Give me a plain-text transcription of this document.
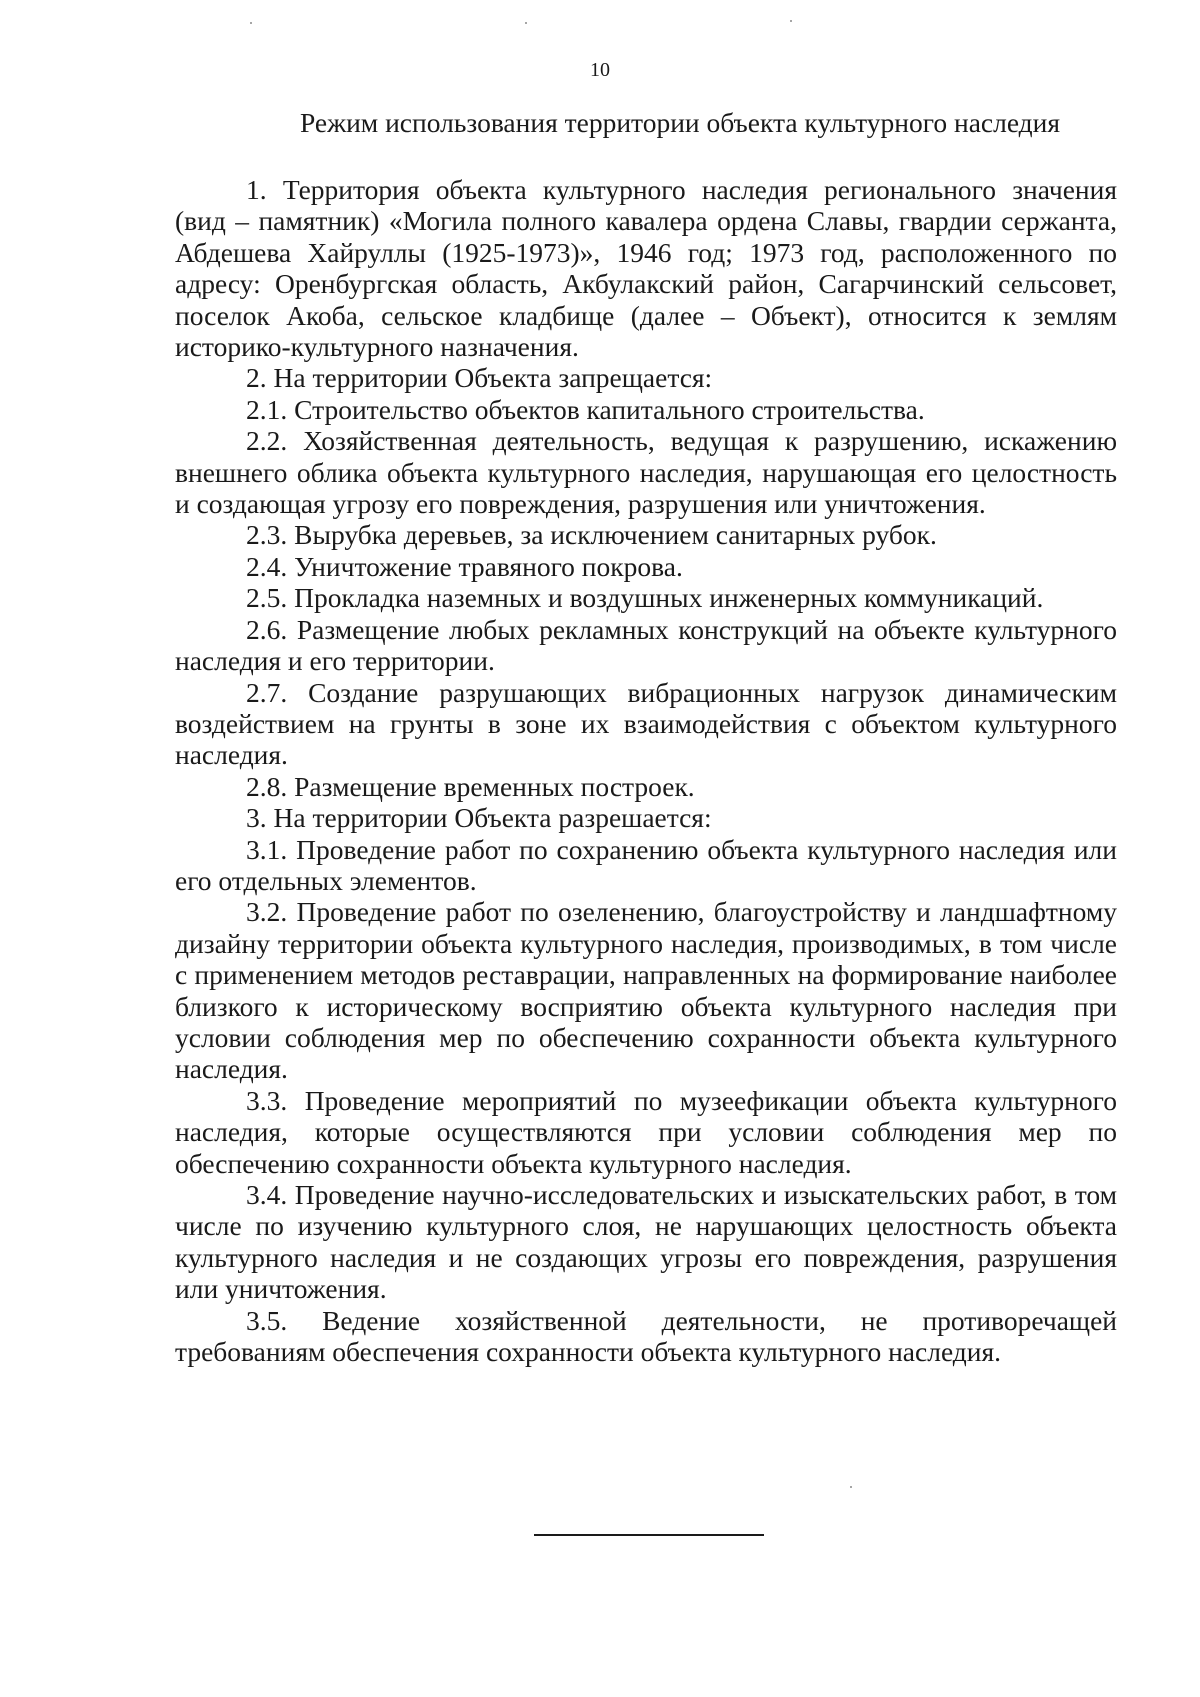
10
Режим использования территории объекта культурного наследия

1. Территория объекта культурного наследия регионального значения (вид – памятник) «Могила полного кавалера ордена Славы, гвардии сержанта, Абдешева Хайруллы (1925-1973)», 1946 год; 1973 год, расположенного по адресу: Оренбургская область, Акбулакский район, Сагарчинский сельсовет, поселок Акоба, сельское кладбище (далее – Объект), относится к землям историко-культурного назначения.

2. На территории Объекта запрещается:

2.1. Строительство объектов капитального строительства.

2.2. Хозяйственная деятельность, ведущая к разрушению, искажению внешнего облика объекта культурного наследия, нарушающая его целостность и создающая угрозу его повреждения, разрушения или уничтожения.

2.3. Вырубка деревьев, за исключением санитарных рубок.

2.4. Уничтожение травяного покрова.

2.5. Прокладка наземных и воздушных инженерных коммуникаций.

2.6. Размещение любых рекламных конструкций на объекте культурного наследия и его территории.

2.7. Создание разрушающих вибрационных нагрузок динамическим воздействием на грунты в зоне их взаимодействия с объектом культурного наследия.

2.8. Размещение временных построек.

3. На территории Объекта разрешается:

3.1. Проведение работ по сохранению объекта культурного наследия или его отдельных элементов.

3.2. Проведение работ по озеленению, благоустройству и ландшафтному дизайну территории объекта культурного наследия, производимых, в том числе с применением методов реставрации, направленных на формирование наиболее близкого к историческому восприятию объекта культурного наследия при условии соблюдения мер по обеспечению сохранности объекта культурного наследия.

3.3. Проведение мероприятий по музеефикации объекта культурного наследия, которые осуществляются при условии соблюдения мер по обеспечению сохранности объекта культурного наследия.

3.4. Проведение научно-исследовательских и изыскательских работ, в том числе по изучению культурного слоя, не нарушающих целостность объекта культурного наследия и не создающих угрозы его повреждения, разрушения или уничтожения.

3.5. Ведение хозяйственной деятельности, не противоречащей требованиям обеспечения сохранности объекта культурного наследия.
